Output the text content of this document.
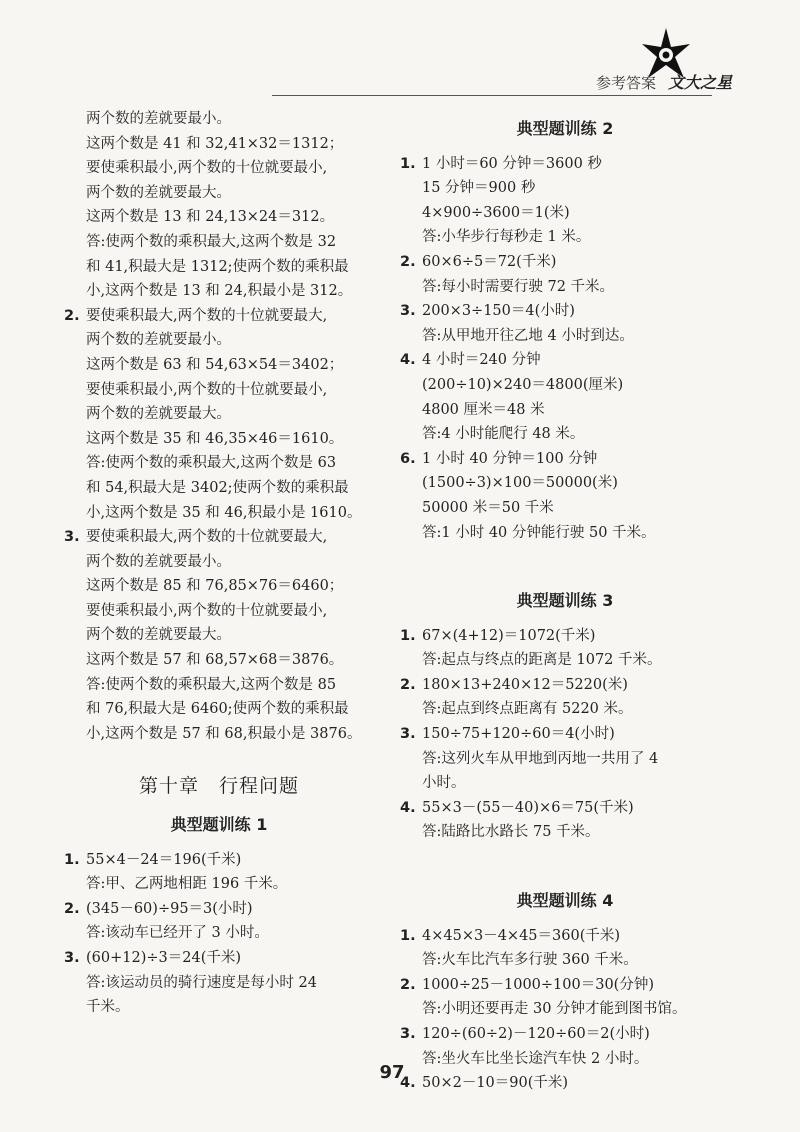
参考答案 文大之星
两个数的差就要最小。
这两个数是 41 和 32,41×32＝1312；
要使乘积最小,两个数的十位就要最小,
两个数的差就要最大。
这两个数是 13 和 24,13×24＝312。
答:使两个数的乘积最大,这两个数是 32
和 41,积最大是 1312;使两个数的乘积最
小,这两个数是 13 和 24,积最小是 312。
2. 要使乘积最大,两个数的十位就要最大,
两个数的差就要最小。
这两个数是 63 和 54,63×54＝3402；
要使乘积最小,两个数的十位就要最小,
两个数的差就要最大。
这两个数是 35 和 46,35×46＝1610。
答:使两个数的乘积最大,这两个数是 63
和 54,积最大是 3402;使两个数的乘积最
小,这两个数是 35 和 46,积最小是 1610。
3. 要使乘积最大,两个数的十位就要最大,
两个数的差就要最小。
这两个数是 85 和 76,85×76＝6460；
要使乘积最小,两个数的十位就要最小,
两个数的差就要最大。
这两个数是 57 和 68,57×68＝3876。
答:使两个数的乘积最大,这两个数是 85
和 76,积最大是 6460;使两个数的乘积最
小,这两个数是 57 和 68,积最小是 3876。
第十章 行程问题
典型题训练 1
1. 55×4－24＝196(千米)
答:甲、乙两地相距 196 千米。
2. (345－60)÷95＝3(小时)
答:该动车已经开了 3 小时。
3. (60+12)÷3＝24(千米)
答:该运动员的骑行速度是每小时 24
千米。
典型题训练 2
1. 1 小时＝60 分钟＝3600 秒
15 分钟＝900 秒
4×900÷3600＝1(米)
答:小华步行每秒走 1 米。
2. 60×6÷5＝72(千米)
答:每小时需要行驶 72 千米。
3. 200×3÷150＝4(小时)
答:从甲地开往乙地 4 小时到达。
4. 4 小时＝240 分钟
(200÷10)×240＝4800(厘米)
4800 厘米＝48 米
答:4 小时能爬行 48 米。
6. 1 小时 40 分钟＝100 分钟
(1500÷3)×100＝50000(米)
50000 米＝50 千米
答:1 小时 40 分钟能行驶 50 千米。
典型题训练 3
1. 67×(4+12)＝1072(千米)
答:起点与终点的距离是 1072 千米。
2. 180×13+240×12＝5220(米)
答:起点到终点距离有 5220 米。
3. 150÷75+120÷60＝4(小时)
答:这列火车从甲地到丙地一共用了 4
小时。
4. 55×3－(55－40)×6＝75(千米)
答:陆路比水路长 75 千米。
典型题训练 4
1. 4×45×3－4×45＝360(千米)
答:火车比汽车多行驶 360 千米。
2. 1000÷25－1000÷100＝30(分钟)
答:小明还要再走 30 分钟才能到图书馆。
3. 120÷(60÷2)－120÷60＝2(小时)
答:坐火车比坐长途汽车快 2 小时。
4. 50×2－10＝90(千米)
97
